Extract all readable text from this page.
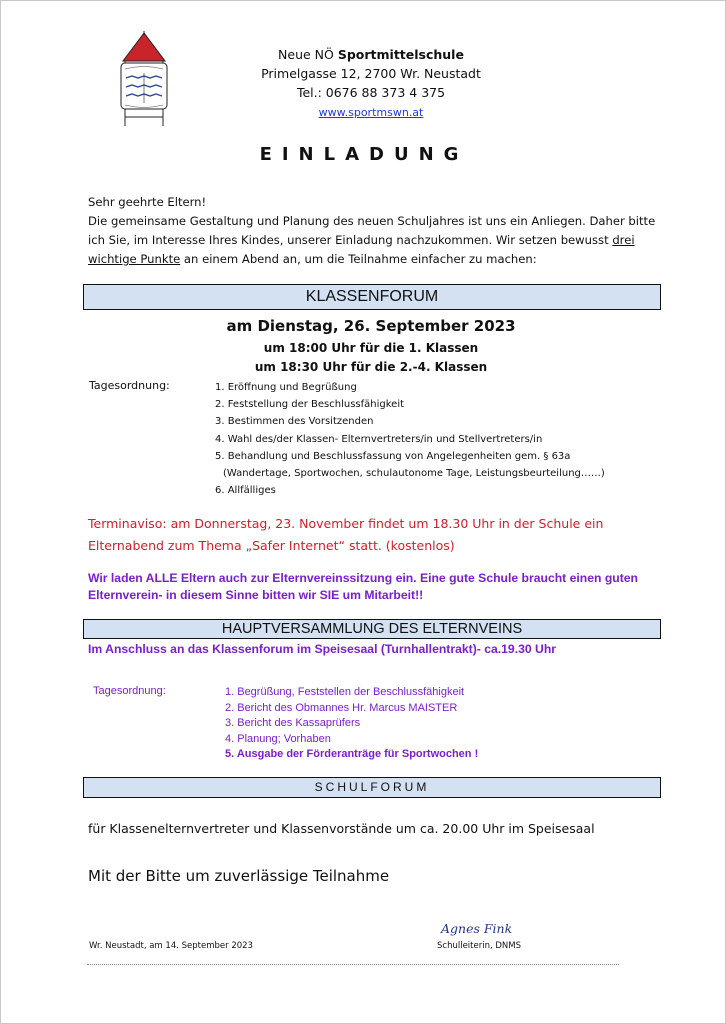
Neue NÖ Sportmittelschule
Primelgasse 12, 2700 Wr. Neustadt
Tel.: 0676 88 373 4 375
www.sportmswn.at
EINLADUNG
Sehr geehrte Eltern!
Die gemeinsame Gestaltung und Planung des neuen Schuljahres ist uns ein Anliegen. Daher bitte ich Sie, im Interesse Ihres Kindes, unserer Einladung nachzukommen. Wir setzen bewusst drei wichtige Punkte an einem Abend an, um die Teilnahme einfacher zu machen:
KLASSENFORUM
am Dienstag, 26. September 2023
um 18:00 Uhr für die 1. Klassen
um 18:30 Uhr für die 2.-4. Klassen
Tagesordnung:	1. Eröffnung und Begrüßung
2. Feststellung der Beschlussfähigkeit
3. Bestimmen des Vorsitzenden
4. Wahl des/der Klassen- Elternvertreters/in und Stellvertreters/in
5. Behandlung und Beschlussfassung von Angelegenheiten gem. § 63a
(Wandertage, Sportwochen, schulautonome Tage, Leistungsbeurteilung……)
6. Allfälliges
Terminaviso: am Donnerstag, 23. November findet um 18.30 Uhr in der Schule ein Elternabend zum Thema „Safer Internet“ statt. (kostenlos)
Wir laden ALLE Eltern auch zur Elternvereinssitzung ein. Eine gute Schule braucht einen guten Elternverein- in diesem Sinne bitten wir SIE um Mitarbeit!!
HAUPTVERSAMMLUNG DES ELTERNVEINS
Im Anschluss an das Klassenforum im Speisesaal (Turnhallentrakt)- ca.19.30 Uhr
Tagesordnung:	1. Begrüßung, Feststellen der Beschlussfähigkeit
2. Bericht des Obmannes Hr. Marcus MAISTER
3. Bericht des Kassaprüfers
4. Planung; Vorhaben
5. Ausgabe der Förderanträge für Sportwochen !
SCHULFORUM
für Klassenelternvertreter und Klassenvorstände um ca. 20.00 Uhr im Speisesaal
Mit der Bitte um zuverlässige Teilnahme
Agnes Fink
Wr. Neustadt, am 14. September 2023	Schulleiterin, DNMS
